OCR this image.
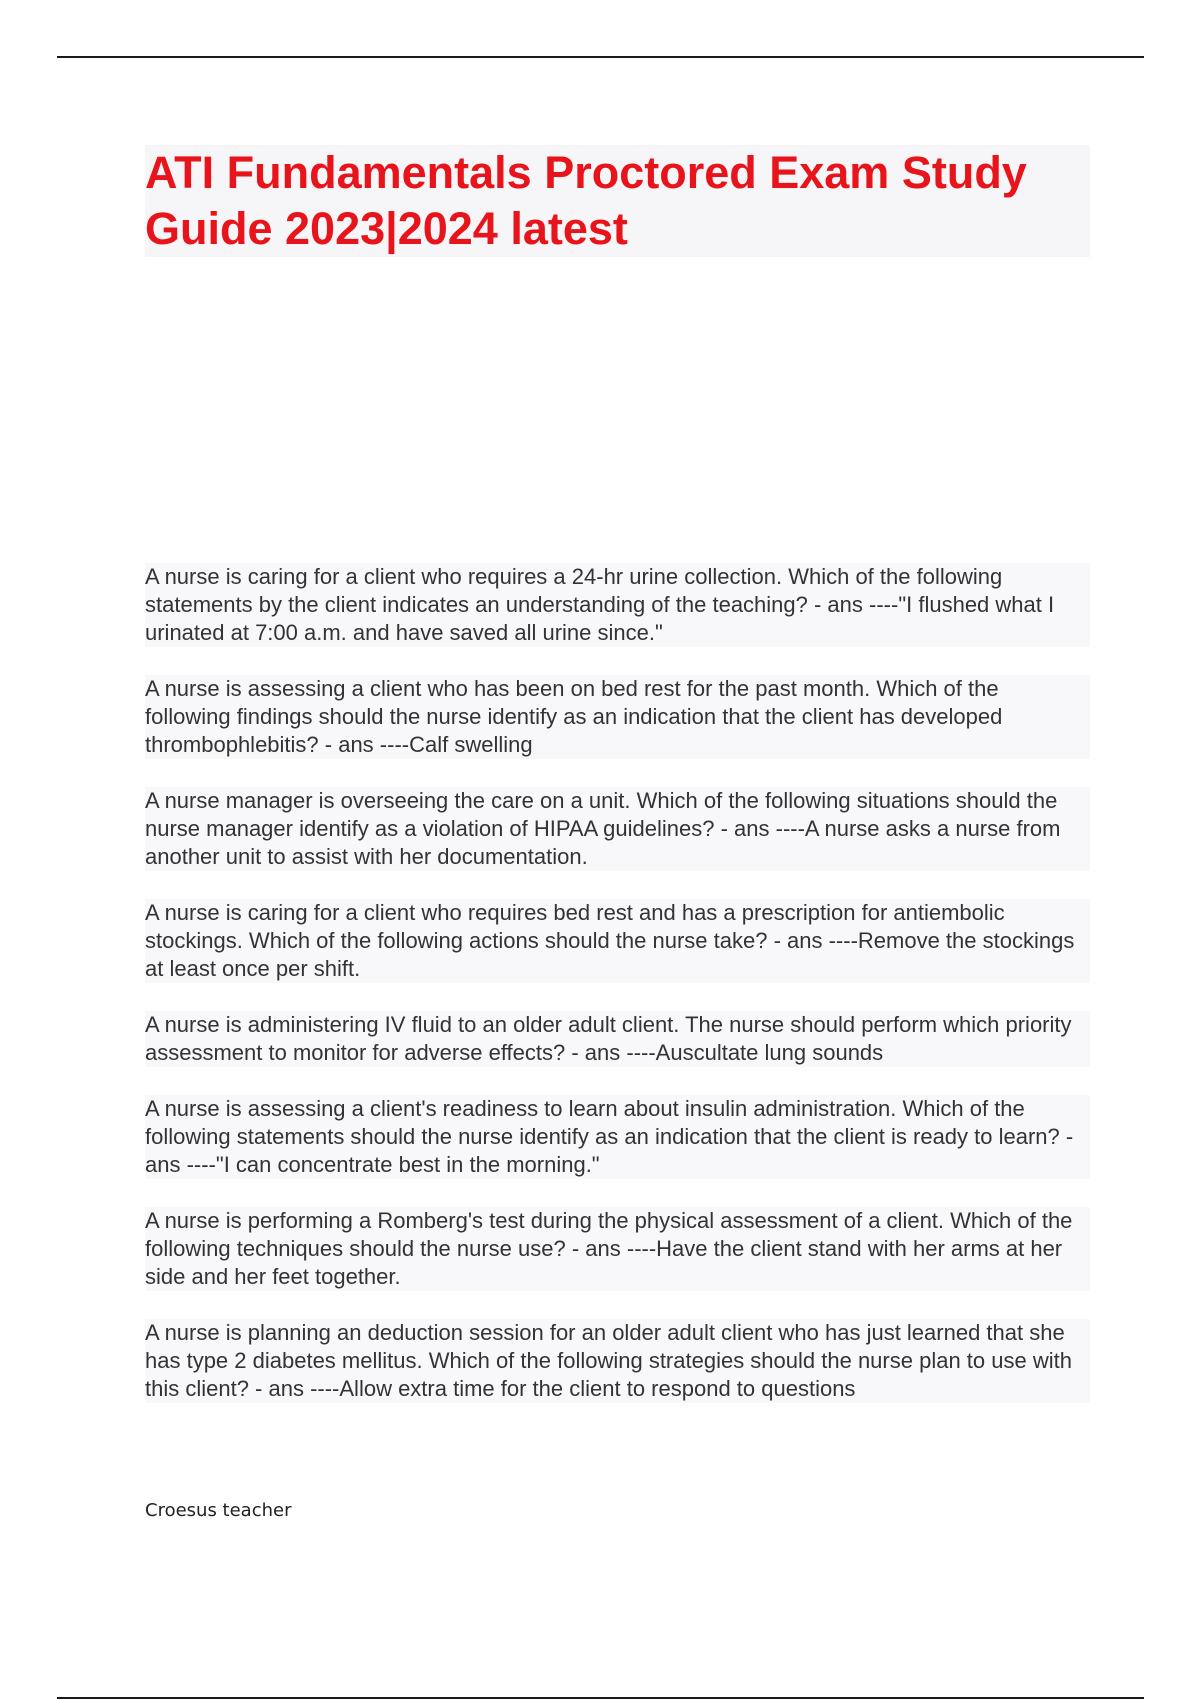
ATI Fundamentals Proctored Exam Study Guide 2023|2024 latest

A nurse is caring for a client who requires a 24-hr urine collection. Which of the following statements by the client indicates an understanding of the teaching? - ans ----"I flushed what I urinated at 7:00 a.m. and have saved all urine since."

A nurse is assessing a client who has been on bed rest for the past month. Which of the following findings should the nurse identify as an indication that the client has developed thrombophlebitis? - ans ----Calf swelling

A nurse manager is overseeing the care on a unit. Which of the following situations should the nurse manager identify as a violation of HIPAA guidelines? - ans ----A nurse asks a nurse from another unit to assist with her documentation.

A nurse is caring for a client who requires bed rest and has a prescription for antiembolic stockings. Which of the following actions should the nurse take? - ans ----Remove the stockings at least once per shift.

A nurse is administering IV fluid to an older adult client. The nurse should perform which priority assessment to monitor for adverse effects? - ans ----Auscultate lung sounds

A nurse is assessing a client's readiness to learn about insulin administration. Which of the following statements should the nurse identify as an indication that the client is ready to learn? - ans ----"I can concentrate best in the morning."

A nurse is performing a Romberg's test during the physical assessment of a client. Which of the following techniques should the nurse use? - ans ----Have the client stand with her arms at her side and her feet together.

A nurse is planning an deduction session for an older adult client who has just learned that she has type 2 diabetes mellitus. Which of the following strategies should the nurse plan to use with this client? - ans ----Allow extra time for the client to respond to questions

Croesus teacher
